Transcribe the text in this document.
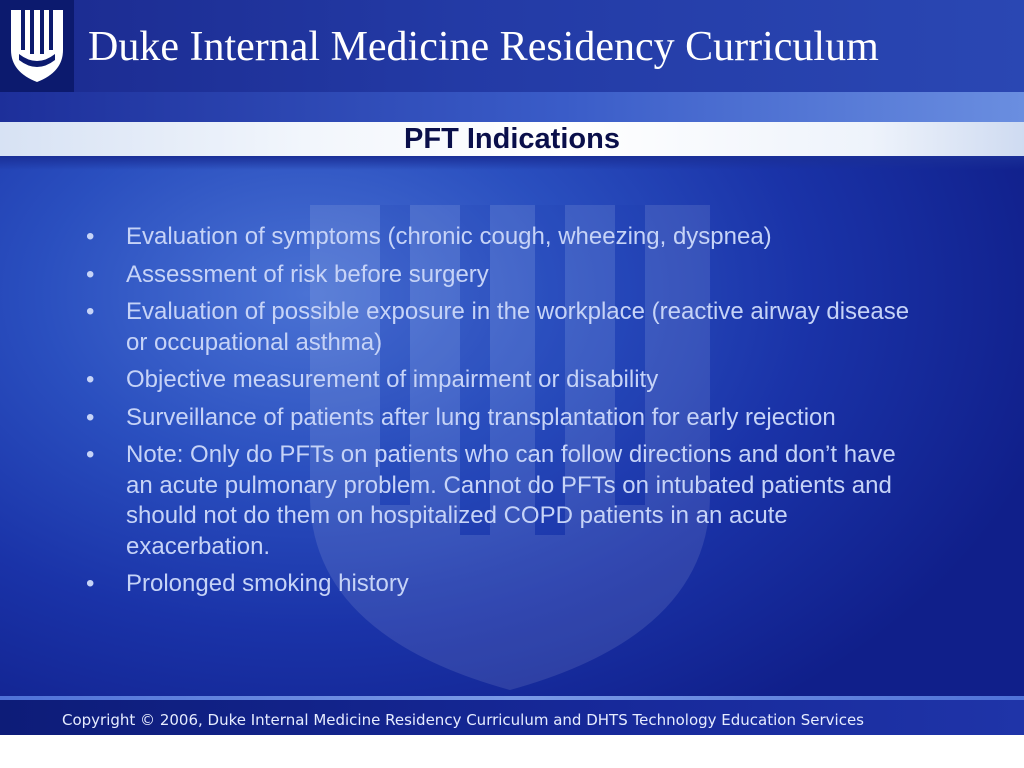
Duke Internal Medicine Residency Curriculum
PFT Indications
• Evaluation of symptoms (chronic cough, wheezing, dyspnea)
• Assessment of risk before surgery
• Evaluation of possible exposure in the workplace (reactive airway disease or occupational asthma)
• Objective measurement of impairment or disability
• Surveillance of patients after lung transplantation for early rejection
• Note: Only do PFTs on patients who can follow directions and don’t have an acute pulmonary problem. Cannot do PFTs on intubated patients and should not do them on hospitalized COPD patients in an acute exacerbation.
• Prolonged smoking history
Copyright © 2006, Duke Internal Medicine Residency Curriculum and DHTS Technology Education Services
